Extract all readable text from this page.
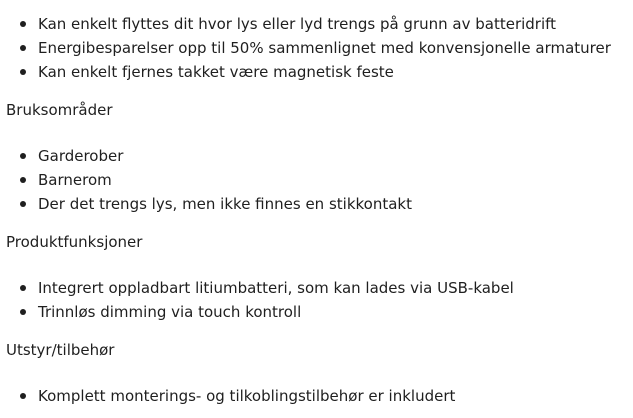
Kan enkelt flyttes dit hvor lys eller lyd trengs på grunn av batteridrift
Energibesparelser opp til 50% sammenlignet med konvensjonelle armaturer
Kan enkelt fjernes takket være magnetisk feste
Bruksområder
Garderober
Barnerom
Der det trengs lys, men ikke finnes en stikkontakt
Produktfunksjoner
Integrert oppladbart litiumbatteri, som kan lades via USB-kabel
Trinnløs dimming via touch kontroll
Utstyr/tilbehør
Komplett monterings- og tilkoblingstilbehør er inkludert
